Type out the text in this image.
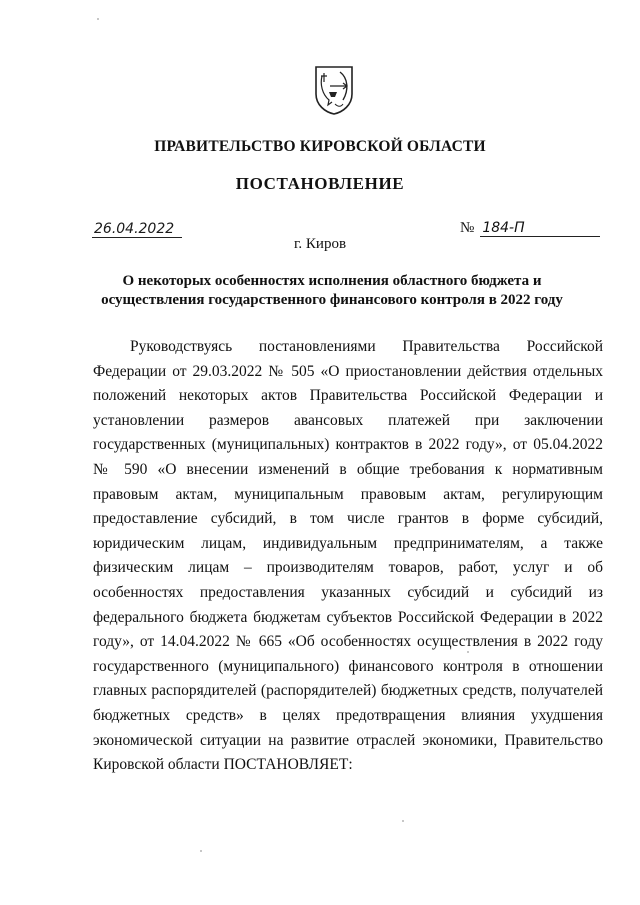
ПРАВИТЕЛЬСТВО КИРОВСКОЙ ОБЛАСТИ
ПОСТАНОВЛЕНИЕ
26.04.2022	№ 184-П
г. Киров
О некоторых особенностях исполнения областного бюджета и
осуществления государственного финансового контроля в 2022 году

Руководствуясь постановлениями Правительства Российской Федерации от 29.03.2022 № 505 «О приостановлении действия отдельных положений некоторых актов Правительства Российской Федерации и установлении размеров авансовых платежей при заключении государственных (муниципальных) контрактов в 2022 году», от 05.04.2022 № 590 «О внесении изменений в общие требования к нормативным правовым актам, муниципальным правовым актам, регулирующим предоставление субсидий, в том числе грантов в форме субсидий, юридическим лицам, индивидуальным предпринимателям, а также физическим лицам – производителям товаров, работ, услуг и об особенностях предоставления указанных субсидий и субсидий из федерального бюджета бюджетам субъектов Российской Федерации в 2022 году», от 14.04.2022 № 665 «Об особенностях осуществления в 2022 году государственного (муниципального) финансового контроля в отношении главных распорядителей (распорядителей) бюджетных средств, получателей бюджетных средств» в целях предотвращения влияния ухудшения экономической ситуации на развитие отраслей экономики, Правительство Кировской области ПОСТАНОВЛЯЕТ:
